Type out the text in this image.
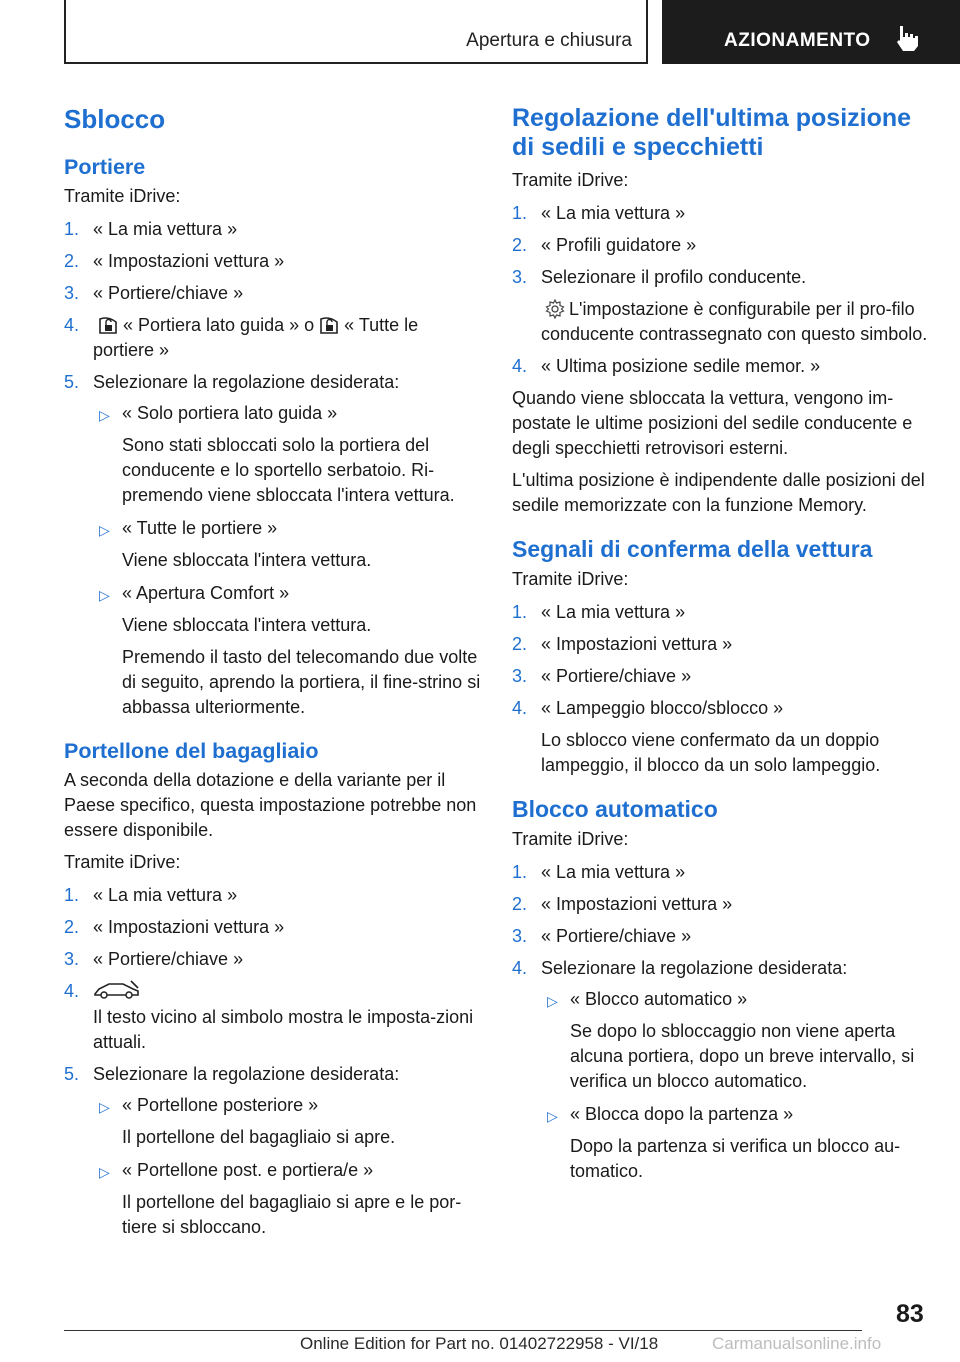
Apertura e chiusura	AZIONAMENTO
Sblocco
Portiere

Tramite iDrive:

1. « La mia vettura »
2. « Impostazioni vettura »
3. « Portiere/chiave »
4. « Portiera lato guida » o « Tutte le portiere »
5. Selezionare la regolazione desiderata:
▷ « Solo portiera lato guida »
Sono stati sbloccati solo la portiera del conducente e lo sportello serbatoio. Ri-premendo viene sbloccata l'intera vettura.
▷ « Tutte le portiere »
Viene sbloccata l'intera vettura.
▷ « Apertura Comfort »
Viene sbloccata l'intera vettura.
Premendo il tasto del telecomando due volte di seguito, aprendo la portiera, il fine-strino si abbassa ulteriormente.
Portellone del bagagliaio

A seconda della dotazione e della variante per il Paese specifico, questa impostazione potrebbe non essere disponibile.

Tramite iDrive:

1. « La mia vettura »
2. « Impostazioni vettura »
3. « Portiere/chiave »
4.
Il testo vicino al simbolo mostra le imposta-zioni attuali.
5. Selezionare la regolazione desiderata:
▷ « Portellone posteriore »
Il portellone del bagagliaio si apre.
▷ « Portellone post. e portiera/e »
Il portellone del bagagliaio si apre e le por-tiere si sbloccano.
Regolazione dell'ultima posizione di sedili e specchietti

Tramite iDrive:

1. « La mia vettura »
2. « Profili guidatore »
3. Selezionare il profilo conducente.
L'impostazione è configurabile per il pro-filo conducente contrassegnato con questo simbolo.
4. « Ultima posizione sedile memor. »

Quando viene sbloccata la vettura, vengono im-postate le ultime posizioni del sedile conducente e degli specchietti retrovisori esterni.

L'ultima posizione è indipendente dalle posizioni del sedile memorizzate con la funzione Memory.

Segnali di conferma della vettura

Tramite iDrive:

1. « La mia vettura »
2. « Impostazioni vettura »
3. « Portiere/chiave »
4. « Lampeggio blocco/sblocco »
Lo sblocco viene confermato da un doppio lampeggio, il blocco da un solo lampeggio.
Blocco automatico

Tramite iDrive:

1. « La mia vettura »
2. « Impostazioni vettura »
3. « Portiere/chiave »
4. Selezionare la regolazione desiderata:
▷ « Blocco automatico »
Se dopo lo sbloccaggio non viene aperta alcuna portiera, dopo un breve intervallo, si verifica un blocco automatico.
▷ « Blocca dopo la partenza »
Dopo la partenza si verifica un blocco au-tomatico.
83
Online Edition for Part no. 01402722958 - VI/18	Carmanualsonline.info
